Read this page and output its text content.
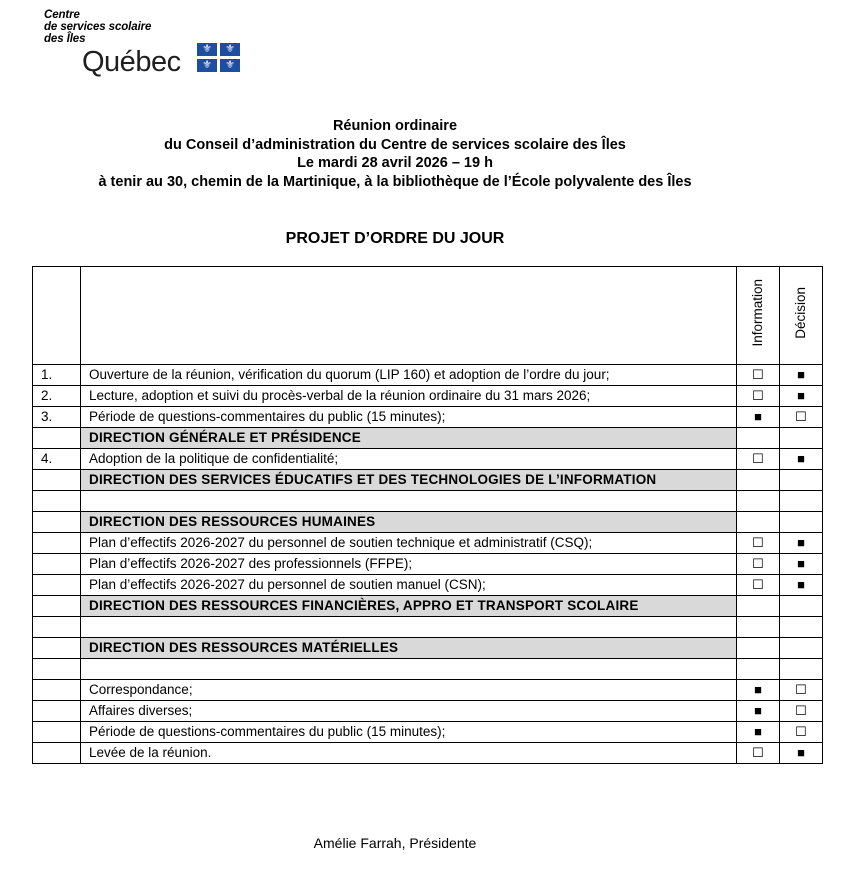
Centre
de services scolaire
des Îles
Québec	⚜	⚜
⚜	⚜
Réunion ordinaire
du Conseil d’administration du Centre de services scolaire des Îles
Le mardi 28 avril 2026 – 19 h
à tenir au 30, chemin de la Martinique, à la bibliothèque de l’École polyvalente des Îles
PROJET D’ORDRE DU JOUR
		Information	Décision
1.	Ouverture de la réunion, vérification du quorum (LIP 160) et adoption de l’ordre du jour;	☐	■
2.	Lecture, adoption et suivi du procès-verbal de la réunion ordinaire du 31 mars 2026;	☐	■
3.	Période de questions-commentaires du public (15 minutes);	■	☐
	DIRECTION GÉNÉRALE ET PRÉSIDENCE		
4.	Adoption de la politique de confidentialité;	☐	■
	DIRECTION DES SERVICES ÉDUCATIFS ET DES TECHNOLOGIES DE L’INFORMATION		

	DIRECTION DES RESSOURCES HUMAINES		
	Plan d’effectifs 2026-2027 du personnel de soutien technique et administratif (CSQ);	☐	■
	Plan d’effectifs 2026-2027 des professionnels (FFPE);	☐	■
	Plan d’effectifs 2026-2027 du personnel de soutien manuel (CSN);	☐	■
	DIRECTION DES RESSOURCES FINANCIÈRES, APPRO ET TRANSPORT SCOLAIRE		

	DIRECTION DES RESSOURCES MATÉRIELLES		

	Correspondance;	■	☐
	Affaires diverses;	■	☐
	Période de questions-commentaires du public (15 minutes);	■	☐
	Levée de la réunion.	☐	■
Amélie Farrah, Présidente
